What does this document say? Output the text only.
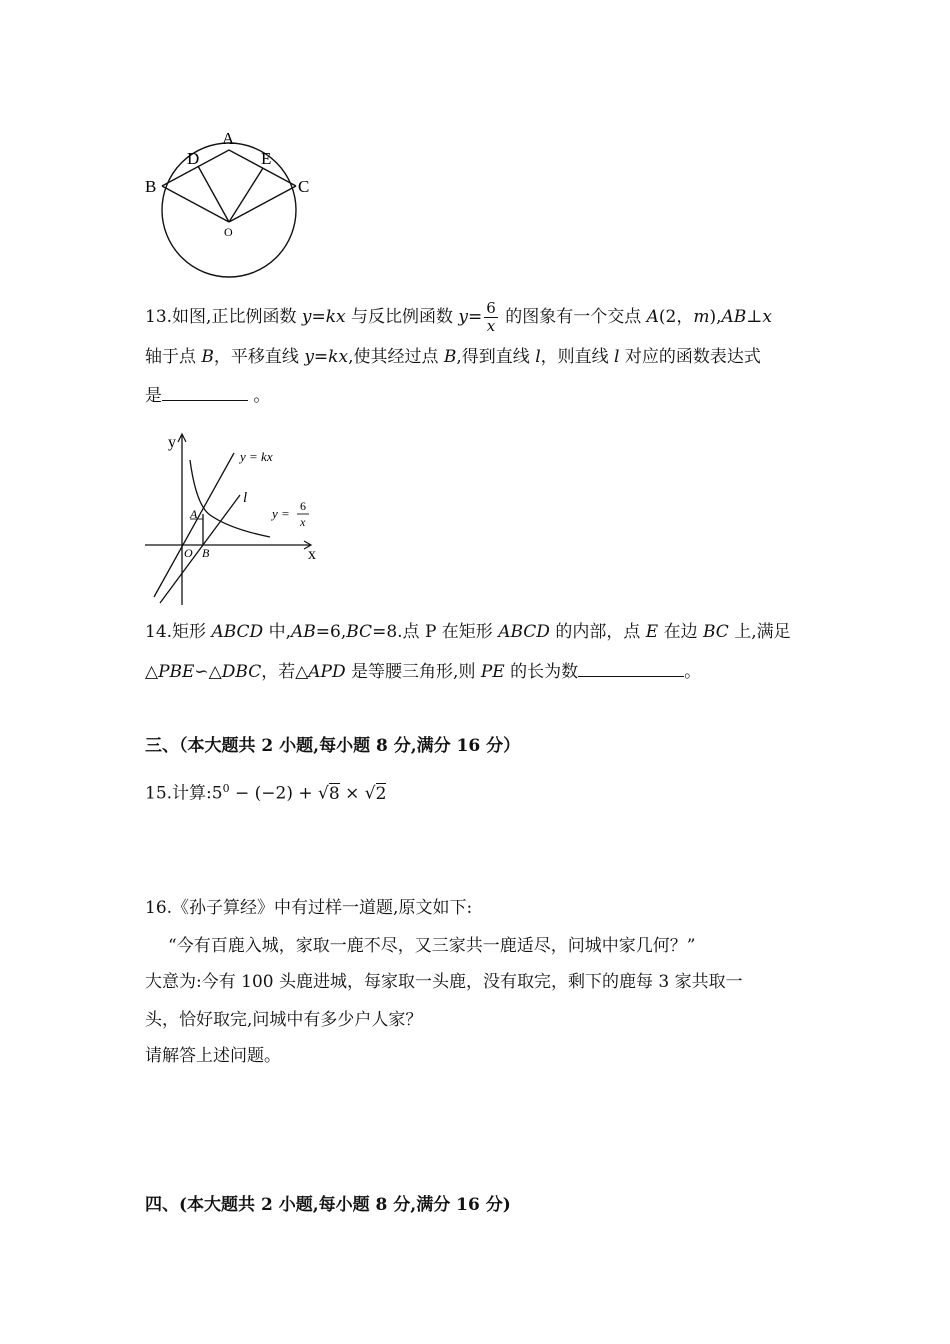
A
B	C
D	E
O
13.如图,正比例函数 y=kx 与反比例函数 $y= \frac{6}{x}$ 的图象有一个交点 A(2，m),AB⊥x
轴于点 B，平移直线 y=kx,使其经过点 B,得到直线 l，则直线 l 对应的函数表达式
是	。
y
x
y = kx
l
y = 6
x
A
O B
14.矩形 ABCD 中,AB=6,BC=8.点 P 在矩形 ABCD 的内部，点 E 在边 BC 上,满足
△PBE∽△DBC，若△APD 是等腰三角形,则 PE 的长为数	。
三、（本大题共 2 小题,每小题 8 分,满分 16 分）
15.计算$:5^0 - (-2) + √8 \times √2$
16.《孙子算经》中有过样一道题,原文如下:
“今有百鹿入城，家取一鹿不尽，又三家共一鹿适尽，问城中家几何？”
大意为:今有 100 头鹿进城，每家取一头鹿，没有取完，剩下的鹿每 3 家共取一
头，恰好取完,问城中有多少户人家？
请解答上述问题。
四、(本大题共 2 小题,每小题 8 分,满分 16 分)
